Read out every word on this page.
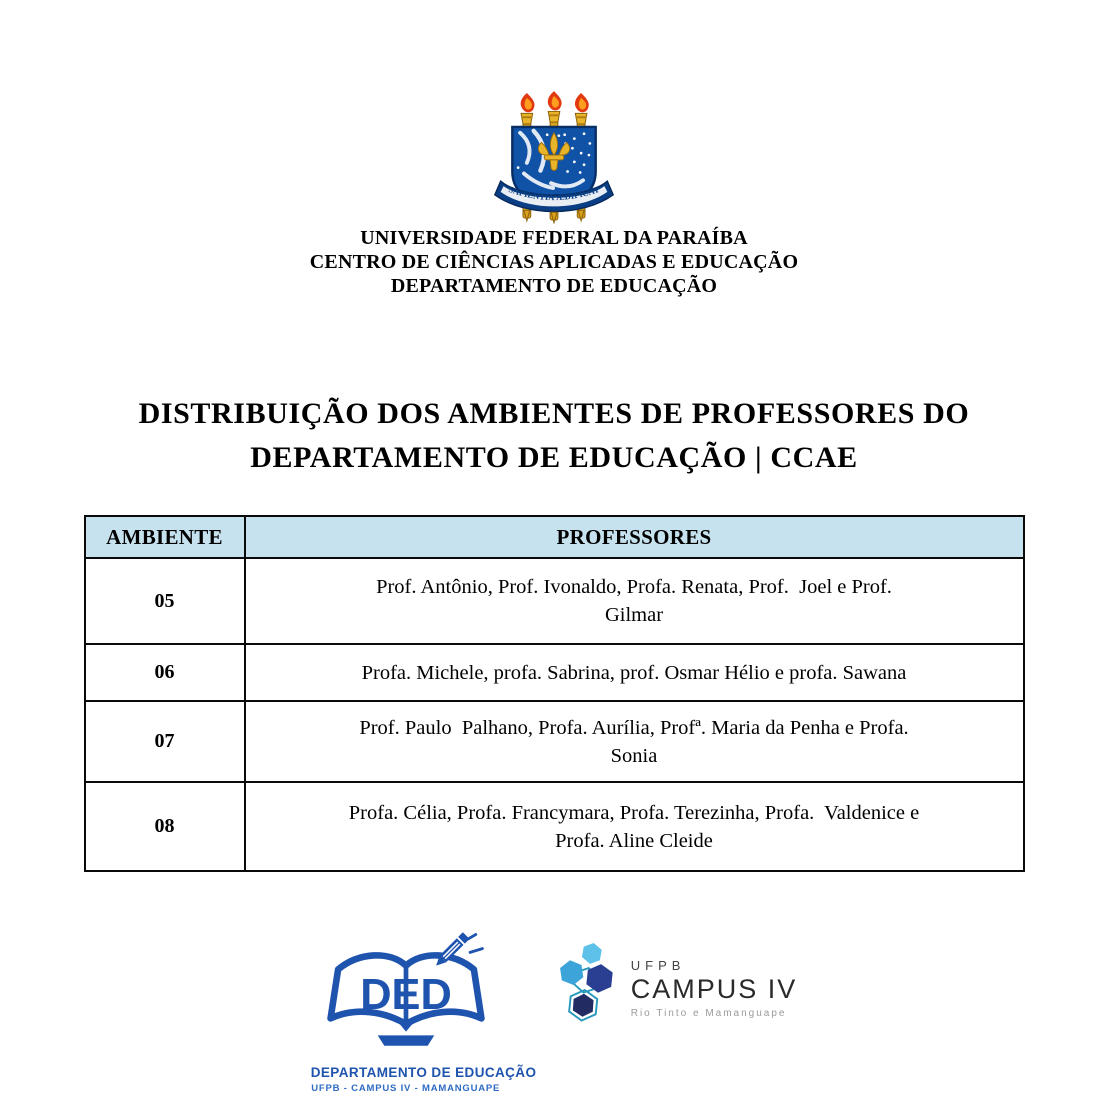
SAPIENTIA ÆDIFICAT
UNIVERSIDADE FEDERAL DA PARAÍBA
CENTRO DE CIÊNCIAS APLICADAS E EDUCAÇÃO
DEPARTAMENTO DE EDUCAÇÃO
DISTRIBUIÇÃO DOS AMBIENTES DE PROFESSORES DO
DEPARTAMENTO DE EDUCAÇÃO | CCAE
AMBIENTE	PROFESSORES
05	Prof. Antônio, Prof. Ivonaldo, Profa. Renata, Prof.  Joel e Prof.
Gilmar

06	Profa. Michele, profa. Sabrina, prof. Osmar Hélio e profa. Sawana

07	Prof. Paulo  Palhano, Profa. Aurília, Profª. Maria da Penha e Profa.
Sonia

08	Profa. Célia, Profa. Francymara, Profa. Terezinha, Profa.  Valdenice e
Profa. Aline Cleide
DED
DEPARTAMENTO DE EDUCAÇÃO
UFPB - CAMPUS IV - MAMANGUAPE
UFPB
CAMPUS IV
Rio Tinto e Mamanguape
